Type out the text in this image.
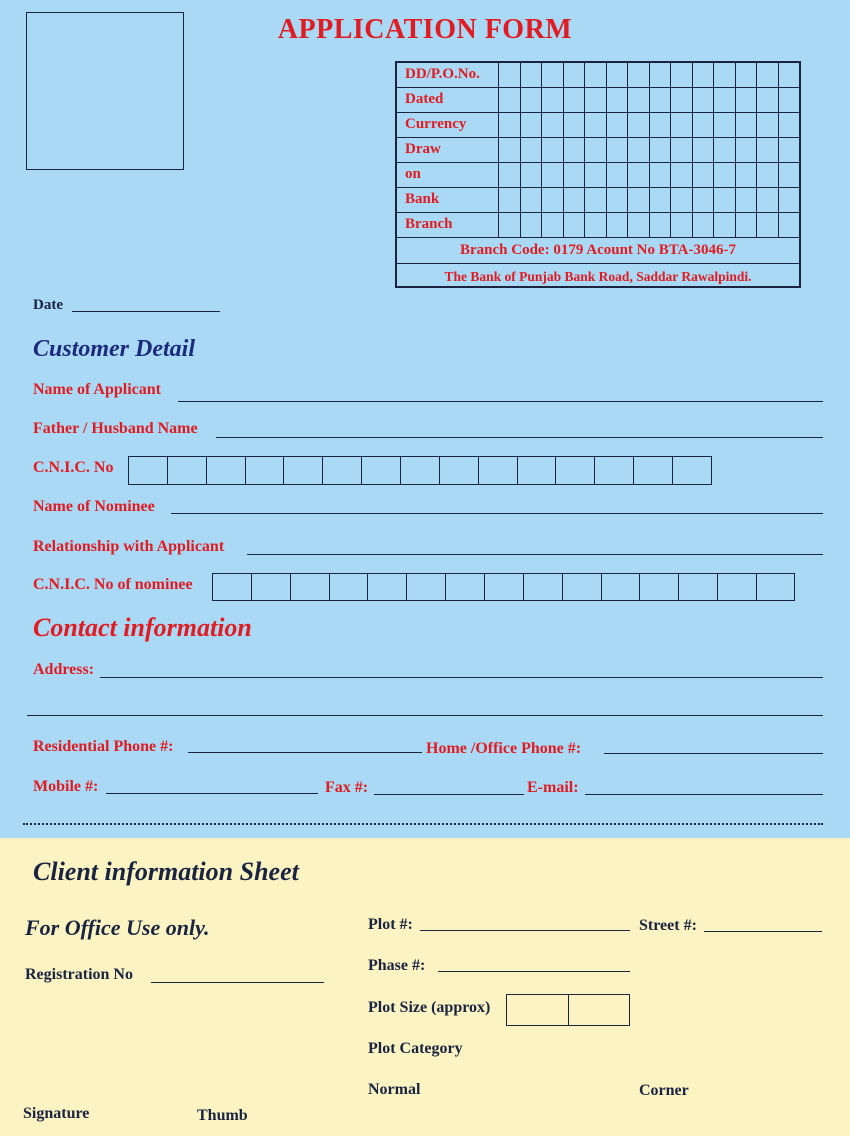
APPLICATION FORM
DD/P.O.No.
Dated
Currency
Draw
on
Bank
Branch
Branch Code: 0179 Acount No BTA-3046-7
The Bank of Punjab Bank Road, Saddar Rawalpindi.
Date
Customer Detail
Name of Applicant
Father / Husband Name
C.N.I.C. No
Name of Nominee
Relationship with Applicant
C.N.I.C. No of nominee
Contact information
Address:
Residential Phone #:	Home /Office Phone #:
Mobile #:	Fax #:	E-mail:
Client information Sheet
For Office Use only.
Registration No
Plot #:	Street #:
Phase #:
Plot Size (approx)
Plot Category
Normal	Corner
Signature	Thumb
